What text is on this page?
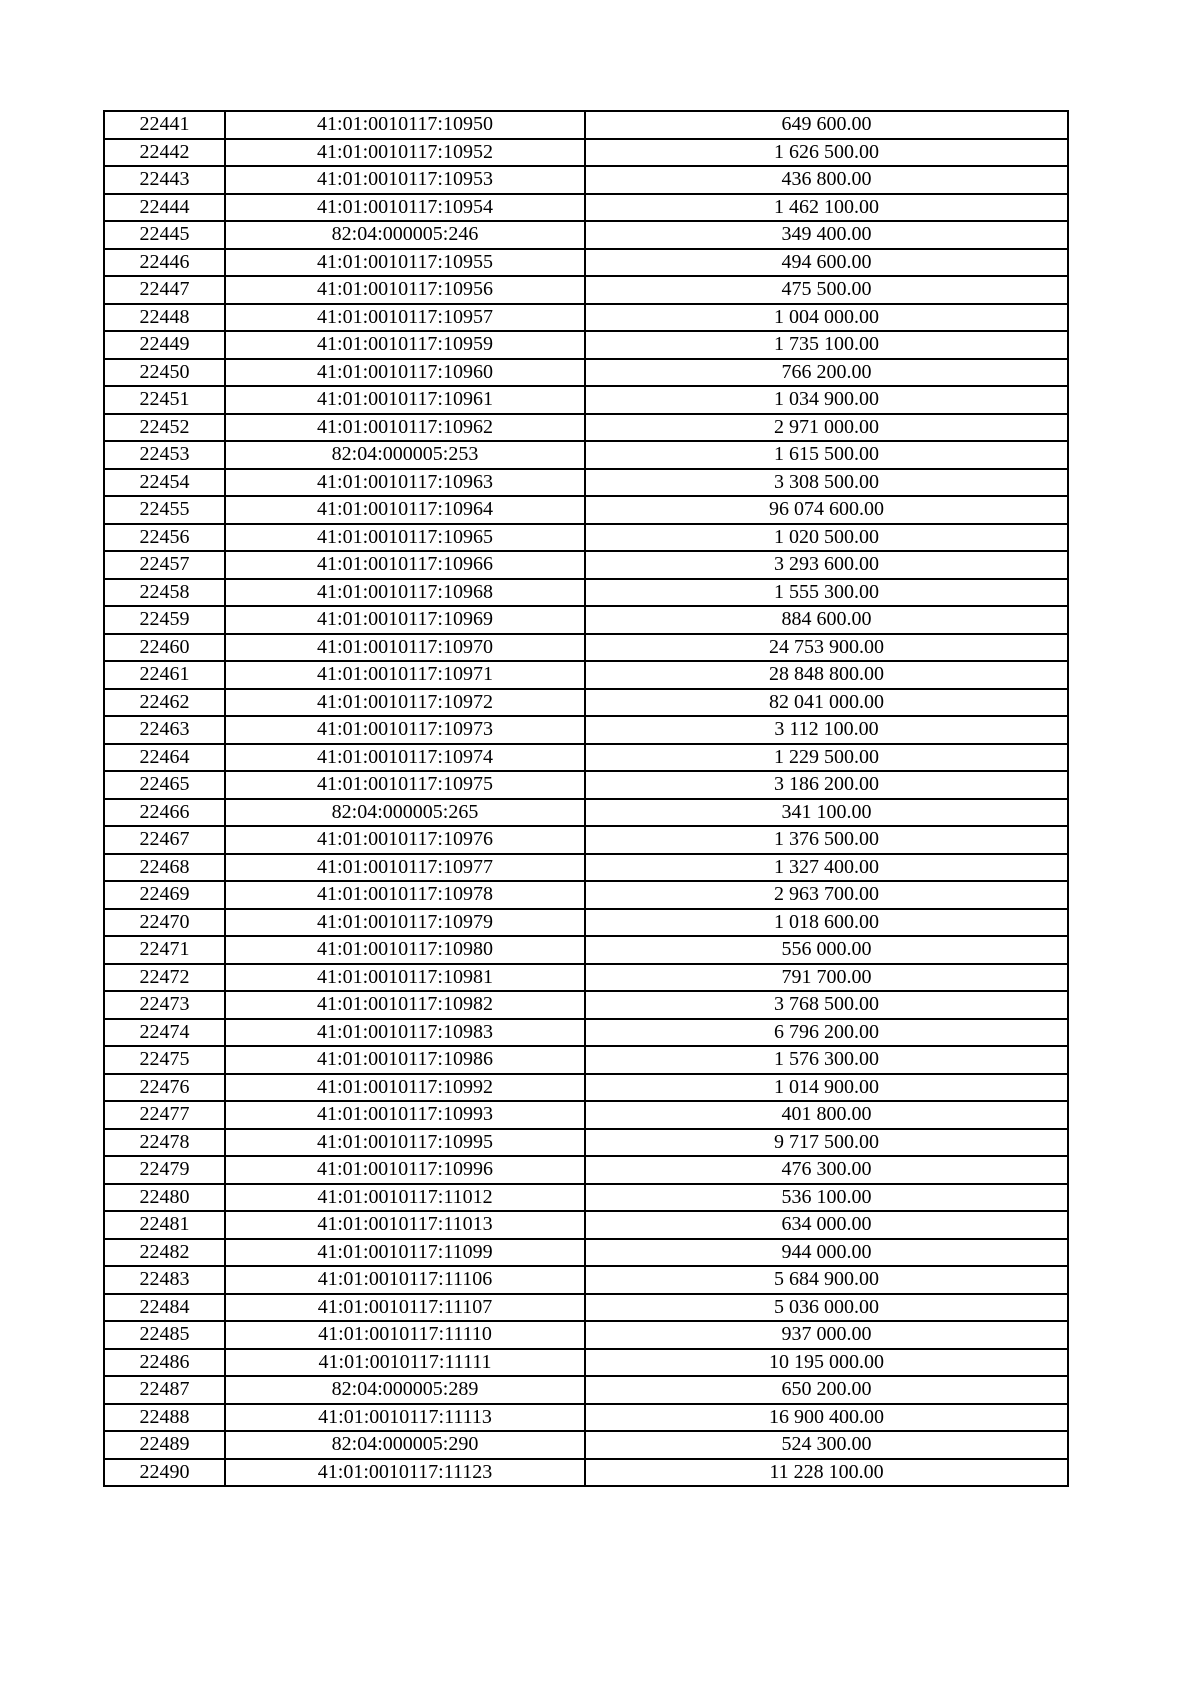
22441	41:01:0010117:10950	649 600.00
22442	41:01:0010117:10952	1 626 500.00
22443	41:01:0010117:10953	436 800.00
22444	41:01:0010117:10954	1 462 100.00
22445	82:04:000005:246	349 400.00
22446	41:01:0010117:10955	494 600.00
22447	41:01:0010117:10956	475 500.00
22448	41:01:0010117:10957	1 004 000.00
22449	41:01:0010117:10959	1 735 100.00
22450	41:01:0010117:10960	766 200.00
22451	41:01:0010117:10961	1 034 900.00
22452	41:01:0010117:10962	2 971 000.00
22453	82:04:000005:253	1 615 500.00
22454	41:01:0010117:10963	3 308 500.00
22455	41:01:0010117:10964	96 074 600.00
22456	41:01:0010117:10965	1 020 500.00
22457	41:01:0010117:10966	3 293 600.00
22458	41:01:0010117:10968	1 555 300.00
22459	41:01:0010117:10969	884 600.00
22460	41:01:0010117:10970	24 753 900.00
22461	41:01:0010117:10971	28 848 800.00
22462	41:01:0010117:10972	82 041 000.00
22463	41:01:0010117:10973	3 112 100.00
22464	41:01:0010117:10974	1 229 500.00
22465	41:01:0010117:10975	3 186 200.00
22466	82:04:000005:265	341 100.00
22467	41:01:0010117:10976	1 376 500.00
22468	41:01:0010117:10977	1 327 400.00
22469	41:01:0010117:10978	2 963 700.00
22470	41:01:0010117:10979	1 018 600.00
22471	41:01:0010117:10980	556 000.00
22472	41:01:0010117:10981	791 700.00
22473	41:01:0010117:10982	3 768 500.00
22474	41:01:0010117:10983	6 796 200.00
22475	41:01:0010117:10986	1 576 300.00
22476	41:01:0010117:10992	1 014 900.00
22477	41:01:0010117:10993	401 800.00
22478	41:01:0010117:10995	9 717 500.00
22479	41:01:0010117:10996	476 300.00
22480	41:01:0010117:11012	536 100.00
22481	41:01:0010117:11013	634 000.00
22482	41:01:0010117:11099	944 000.00
22483	41:01:0010117:11106	5 684 900.00
22484	41:01:0010117:11107	5 036 000.00
22485	41:01:0010117:11110	937 000.00
22486	41:01:0010117:11111	10 195 000.00
22487	82:04:000005:289	650 200.00
22488	41:01:0010117:11113	16 900 400.00
22489	82:04:000005:290	524 300.00
22490	41:01:0010117:11123	11 228 100.00
